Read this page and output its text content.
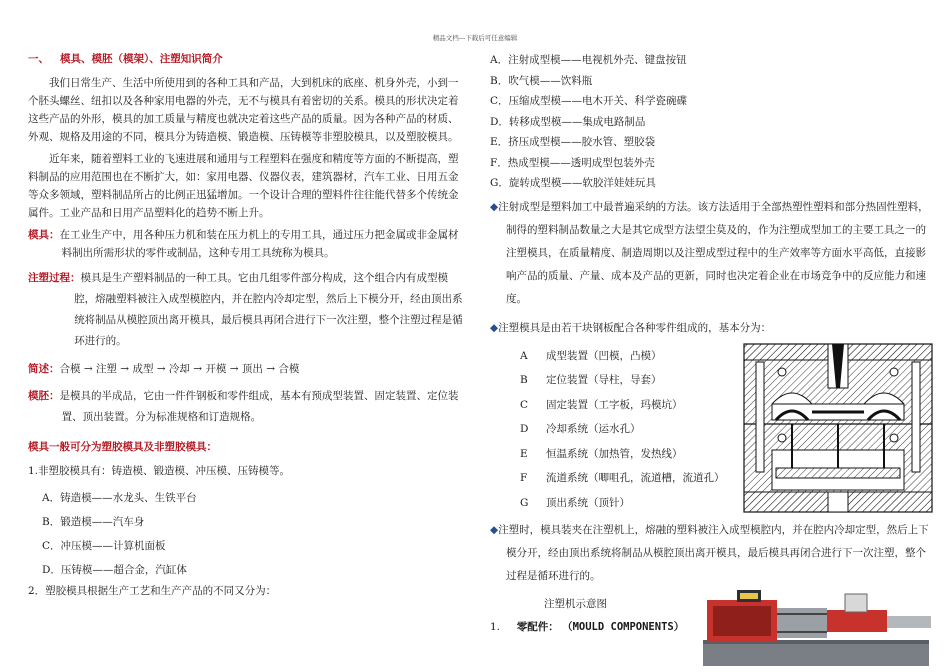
精品文档---下载后可任意编辑
一、 模具、模胚（模架）、注塑知识简介

我们日常生产、生活中所使用到的各种工具和产品，大到机床的底座、机身外壳，小到一个胚头螺丝、纽扣以及各种家用电器的外壳，无不与模具有着密切的关系。模具的形状决定着这些产品的外形，模具的加工质量与精度也就决定着这些产品的质量。因为各种产品的材质、外观、规格及用途的不同，模具分为铸造模、锻造模、压铸模等非塑胶模具，以及塑胶模具。

近年来，随着塑料工业的飞速进展和通用与工程塑料在强度和精度等方面的不断提高，塑料制品的应用范围也在不断扩大，如：家用电器、仪器仪表，建筑器材，汽车工业、日用五金等众多领域，塑料制品所占的比例正迅猛增加。一个设计合理的塑料件往往能代替多个传统金属件。工业产品和日用产品塑料化的趋势不断上升。

模具：在工业生产中，用各种压力机和装在压力机上的专用工具，通过压力把金属或非金属材料制出所需形状的零件或制品，这种专用工具统称为模具。
注塑过程：模具是生产塑料制品的一种工具。它由几组零件部分构成，这个组合内有成型模腔，熔融塑料被注入成型模腔内，并在腔内冷却定型，然后上下模分开，经由顶出系统将制品从模腔顶出离开模具，最后模具再闭合进行下一次注塑，整个注塑过程是循环进行的。
简述：合模 → 注塑 → 成型 → 冷却 → 开模 → 顶出 → 合模
模胚：是模具的半成品，它由一件件钢板和零件组成，基本有预成型装置、固定装置、定位装置、顶出装置。分为标准规格和订造规格。
模具一般可分为塑胶模具及非塑胶模具：
1.非塑胶模具有：铸造模、锻造模、冲压模、压铸模等。
A．铸造模——水龙头、生铁平台
B．锻造模——汽车身
C．冲压模——计算机面板
D．压铸模——超合金，汽缸体
2．塑胶模具根据生产工艺和生产产品的不同又分为：
A．注射成型模——电视机外壳、键盘按钮
B．吹气模——饮料瓶
C．压缩成型模——电木开关、科学瓷碗碟
D．转移成型模——集成电路制品
E．挤压成型模——胶水管、塑胶袋
F．热成型模——透明成型包装外壳
G．旋转成型模——软胶洋娃娃玩具
◆注射成型是塑料加工中最普遍采纳的方法。该方法适用于全部热塑性塑料和部分热固性塑料，制得的塑料制品数量之大是其它成型方法望尘莫及的，作为注塑成型加工的主要工具之一的注塑模具，在质量精度、制造周期以及注塑成型过程中的生产效率等方面水平高低，直接影响产品的质量、产量、成本及产品的更新，同时也决定着企业在市场竞争中的反应能力和速度。
◆注塑模具是由若干块钢板配合各种零件组成的，基本分为：
A 成型装置（凹模，凸模）
B 定位装置（导柱，导套）
C 固定装置（工字板，玛模坑）
D 冷却系统（运水孔）
E 恒温系统（加热管，发热线）
F 流道系统（唧咀孔，流道槽，流道孔）
G 顶出系统（顶针）
◆注塑时，模具装夹在注塑机上，熔融的塑料被注入成型模腔内，并在腔内冷却定型，然后上下模分开，经由顶出系统将制品从模腔顶出离开模具，最后模具再闭合进行下一次注塑，整个过程是循环进行的。
注塑机示意图
1. 零配件： （MOULD COMPONENTS）
